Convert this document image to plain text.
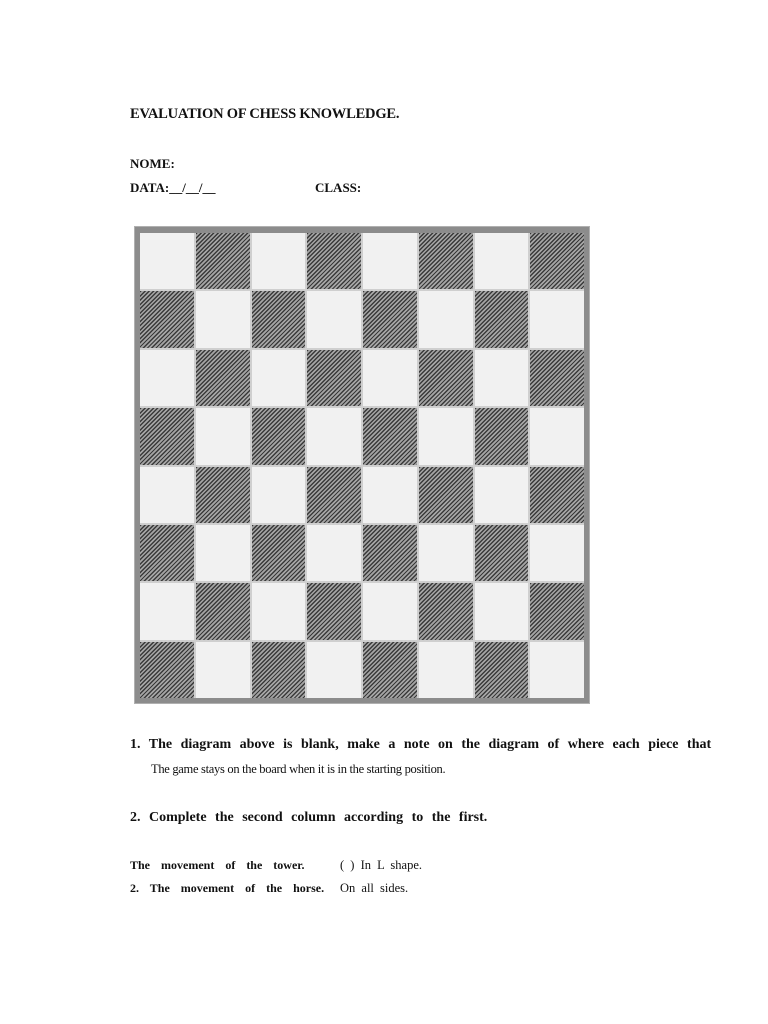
EVALUATION OF CHESS KNOWLEDGE.
NOME:
DATA:__/__/__	CLASS:
1. The diagram above is blank, make a note on the diagram of where each piece that
The game stays on the board when it is in the starting position.
2. Complete the second column according to the first.
The movement of the tower.	( ) In L shape.
2. The movement of the horse. On all sides.
